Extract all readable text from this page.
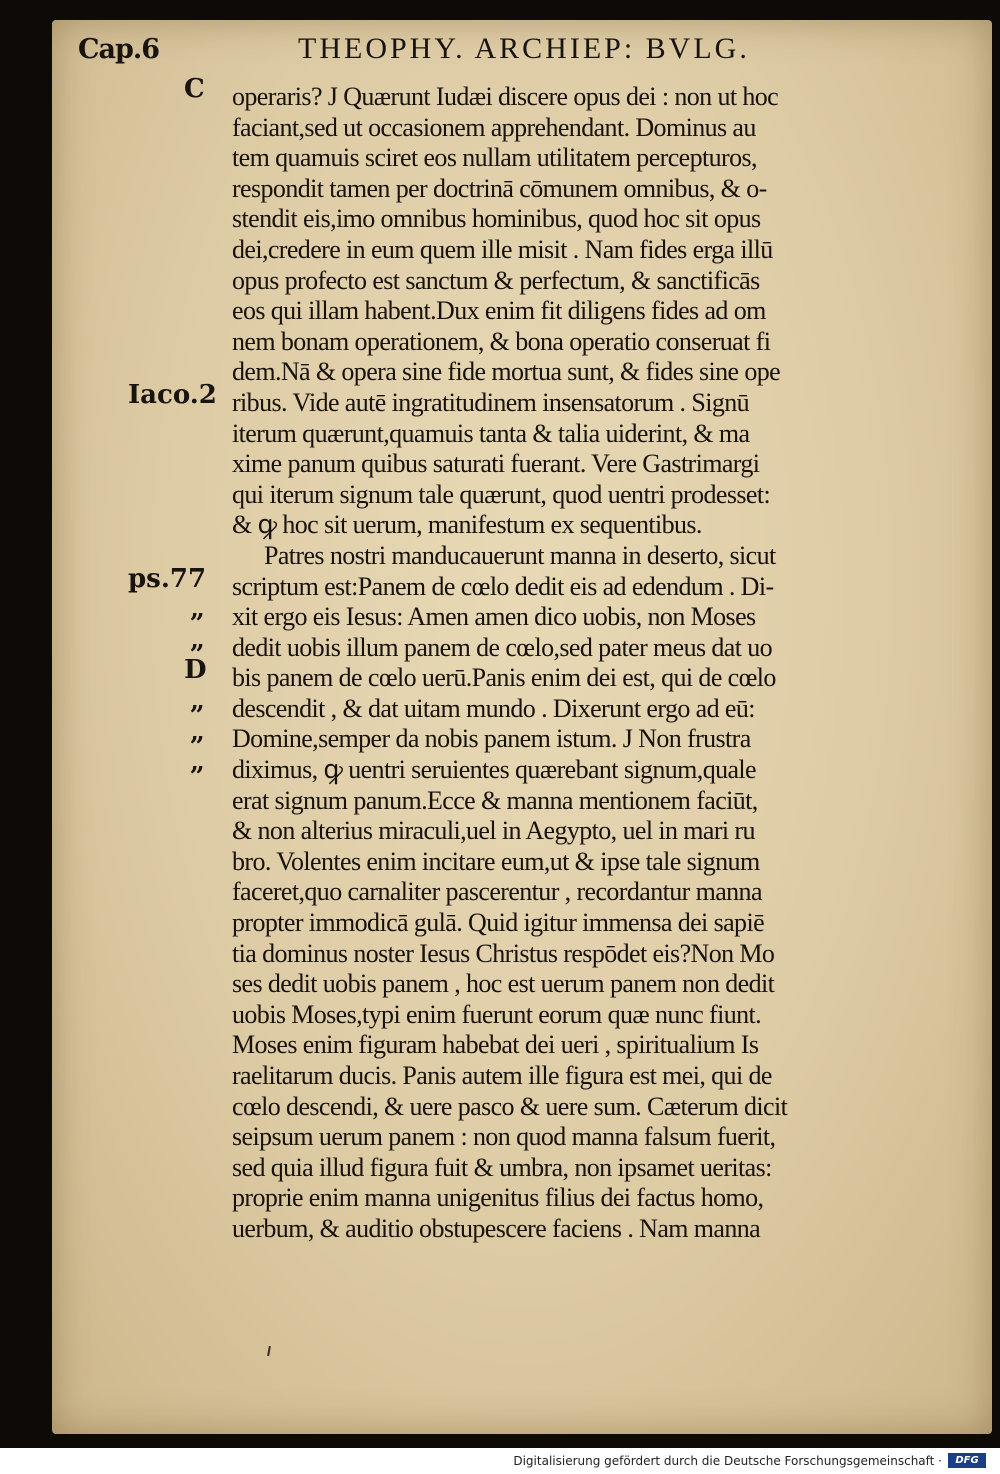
Cap.6	THEOPHY. ARCHIEP: BVLG.
C
Iaco.2
ps.77
„
„
D
„
„
„
operaris? J Quærunt Iudæi discere opus dei : non ut hoc
faciant,sed ut occasionem apprehendant. Dominus au
tem quamuis sciret eos nullam utilitatem percepturos,
respondit tamen per doctrinā cōmunem omnibus, & o-
stendit eis,imo omnibus hominibus, quod hoc sit opus
dei,credere in eum quem ille misit . Nam fides erga illū
opus profecto est sanctum & perfectum, & sanctificās
eos qui illam habent.Dux enim fit diligens fides ad om
nem bonam operationem, & bona operatio conseruat fi
dem.Nā & opera sine fide mortua sunt, & fides sine ope
ribus. Vide autē ingratitudinem insensatorum . Signū
iterum quærunt,quamuis tanta & talia uiderint, & ma
xime panum quibus saturati fuerant. Vere Gastrimargi
qui iterum signum tale quærunt, quod uentri prodesset:
& ꝙ hoc sit uerum, manifestum ex sequentibus.
Patres nostri manducauerunt manna in deserto, sicut
scriptum est:Panem de cœlo dedit eis ad edendum . Di-
xit ergo eis Iesus: Amen amen dico uobis, non Moses
dedit uobis illum panem de cœlo,sed pater meus dat uo
bis panem de cœlo uerū.Panis enim dei est, qui de cœlo
descendit , & dat uitam mundo . Dixerunt ergo ad eū:
Domine,semper da nobis panem istum. J Non frustra
diximus, ꝙ uentri seruientes quærebant signum,quale
erat signum panum.Ecce & manna mentionem faciūt,
& non alterius miraculi,uel in Aegypto, uel in mari ru
bro. Volentes enim incitare eum,ut & ipse tale signum
faceret,quo carnaliter pascerentur , recordantur manna
propter immodicā gulā. Quid igitur immensa dei sapiē
tia dominus noster Iesus Christus respōdet eis?Non Mo
ses dedit uobis panem , hoc est uerum panem non dedit
uobis Moses,typi enim fuerunt eorum quæ nunc fiunt.
Moses enim figuram habebat dei ueri , spiritualium Is
raelitarum ducis. Panis autem ille figura est mei, qui de
cœlo descendi, & uere pasco & uere sum. Cæterum dicit
seipsum uerum panem : non quod manna falsum fuerit,
sed quia illud figura fuit & umbra, non ipsamet ueritas:
proprie enim manna unigenitus filius dei factus homo,
uerbum, & auditio obstupescere faciens . Nam manna
Digitalisierung gefördert durch die Deutsche Forschungsgemeinschaft ·	DFG
